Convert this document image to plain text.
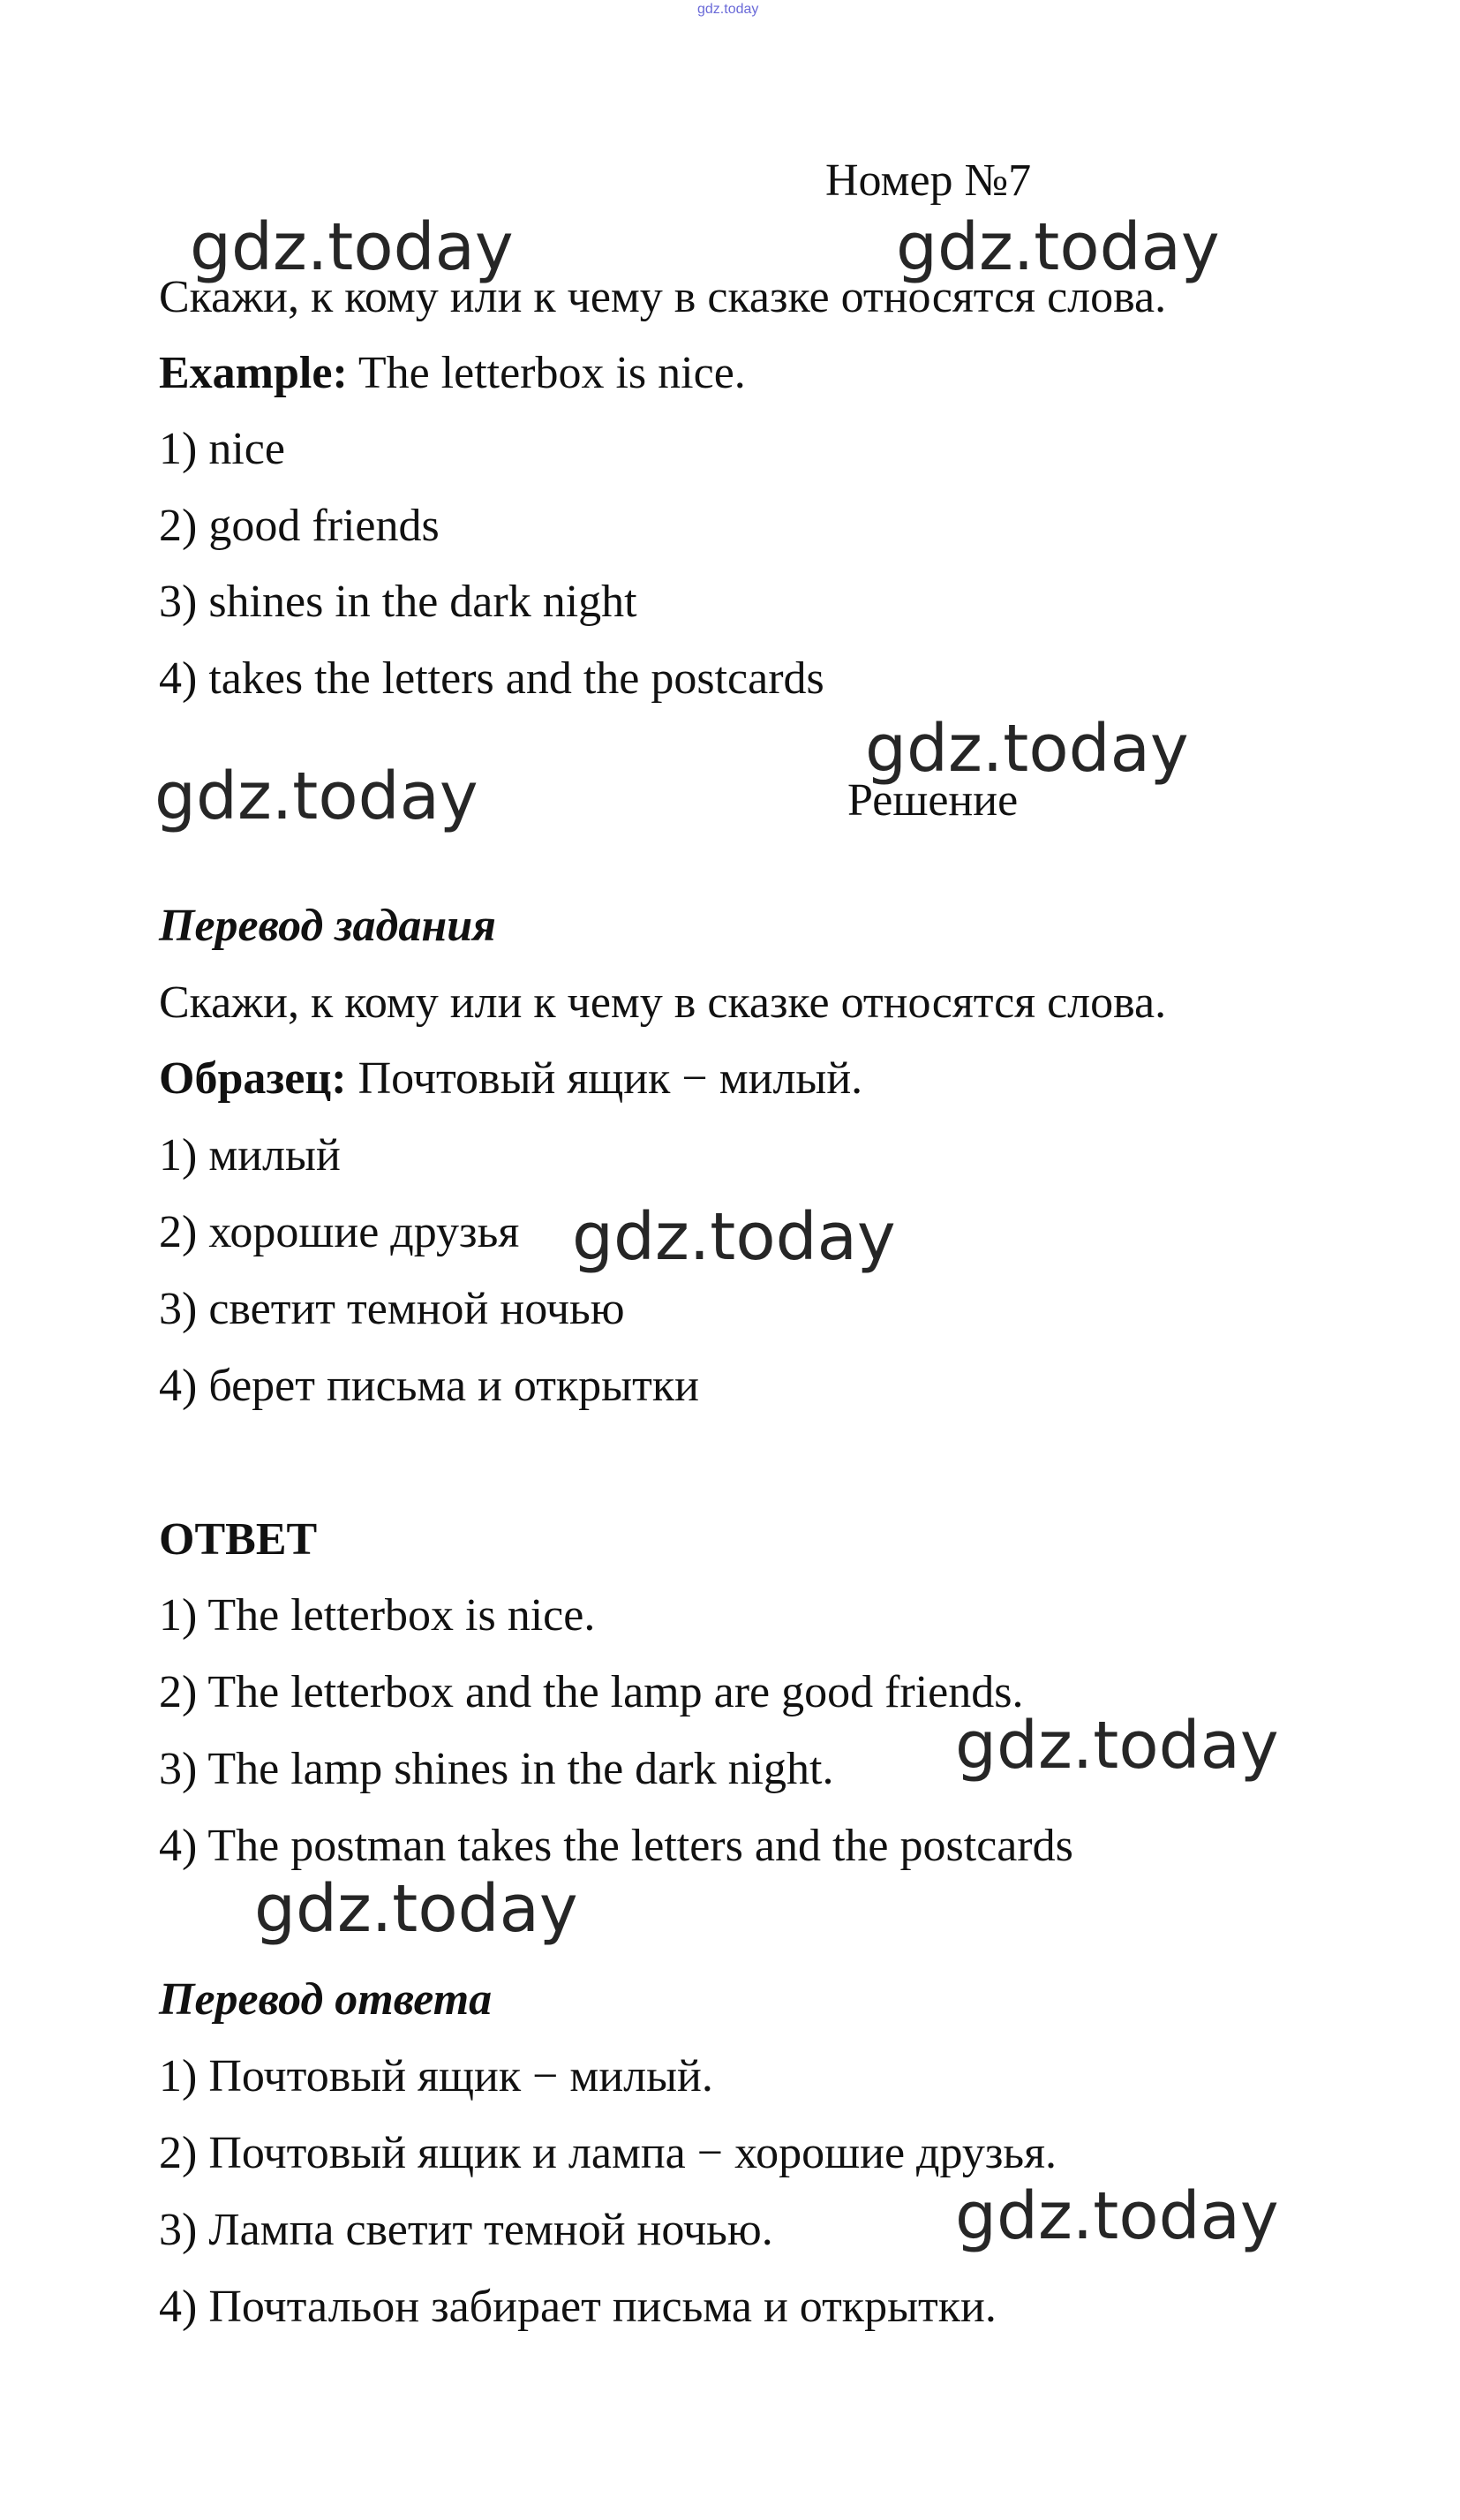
gdz.today
Номер №7
Скажи, к кому или к чему в сказке относятся слова.
Example: The letterbox is nice.
1) nice
2) good friends
3) shines in the dark night
4) takes the letters and the postcards
Решение
Перевод задания
Скажи, к кому или к чему в сказке относятся слова.
Образец: Почтовый ящик − милый.
1) милый
2) хорошие друзья
3) светит темной ночью
4) берет письма и открытки
ОТВЕТ
1) The letterbox is nice.
2) The letterbox and the lamp are good friends.
3) The lamp shines in the dark night.
4) The postman takes the letters and the postcards
Перевод ответа
1) Почтовый ящик − милый.
2) Почтовый ящик и лампа − хорошие друзья.
3) Лампа светит темной ночью.
4) Почтальон забирает письма и открытки.
gdz.today	gdz.today
gdz.today
gdz.today
gdz.today
gdz.today
gdz.today
gdz.today
